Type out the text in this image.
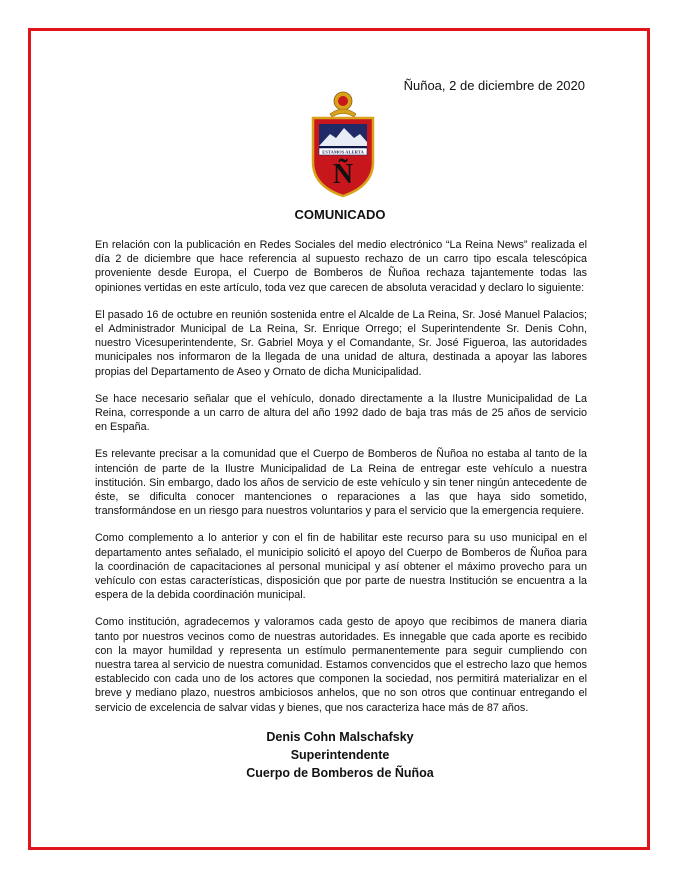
Ñuñoa, 2 de diciembre de 2020
ESTAMOS ALERTA
Ñ
COMUNICADO

En relación con la publicación en Redes Sociales del medio electrónico “La Reina News” realizada el día 2 de diciembre que hace referencia al supuesto rechazo de un carro tipo escala telescópica proveniente desde Europa, el Cuerpo de Bomberos de Ñuñoa rechaza tajantemente todas las opiniones vertidas en este artículo, toda vez que carecen de absoluta veracidad y declaro lo siguiente:

El pasado 16 de octubre en reunión sostenida entre el Alcalde de La Reina, Sr. José Manuel Palacios; el Administrador Municipal de La Reina, Sr. Enrique Orrego; el Superintendente Sr. Denis Cohn, nuestro Vicesuperintendente, Sr. Gabriel Moya y el Comandante, Sr. José Figueroa, las autoridades municipales nos informaron de la llegada de una unidad de altura, destinada a apoyar las labores propias del Departamento de Aseo y Ornato de dicha Municipalidad.

Se hace necesario señalar que el vehículo, donado directamente a la Ilustre Municipalidad de La Reina, corresponde a un carro de altura del año 1992 dado de baja tras más de 25 años de servicio en España.

Es relevante precisar a la comunidad que el Cuerpo de Bomberos de Ñuñoa no estaba al tanto de la intención de parte de la Ilustre Municipalidad de La Reina de entregar este vehículo a nuestra institución. Sin embargo, dado los años de servicio de este vehículo y sin tener ningún antecedente de éste, se dificulta conocer mantenciones o reparaciones a las que haya sido sometido, transformándose en un riesgo para nuestros voluntarios y para el servicio que la emergencia requiere.

Como complemento a lo anterior y con el fin de habilitar este recurso para su uso municipal en el departamento antes señalado, el municipio solicitó el apoyo del Cuerpo de Bomberos de Ñuñoa para la coordinación de capacitaciones al personal municipal y así obtener el máximo provecho para un vehículo con estas características, disposición que por parte de nuestra Institución se encuentra a la espera de la debida coordinación municipal.

Como institución, agradecemos y valoramos cada gesto de apoyo que recibimos de manera diaria tanto por nuestros vecinos como de nuestras autoridades. Es innegable que cada aporte es recibido con la mayor humildad y representa un estímulo permanentemente para seguir cumpliendo con nuestra tarea al servicio de nuestra comunidad. Estamos convencidos que el estrecho lazo que hemos establecido con cada uno de los actores que componen la sociedad, nos permitirá materializar en el breve y mediano plazo, nuestros ambiciosos anhelos, que no son otros que continuar entregando el servicio de excelencia de salvar vidas y bienes, que nos caracteriza hace más de 87 años.

Denis Cohn Malschafsky
Superintendente
Cuerpo de Bomberos de Ñuñoa
